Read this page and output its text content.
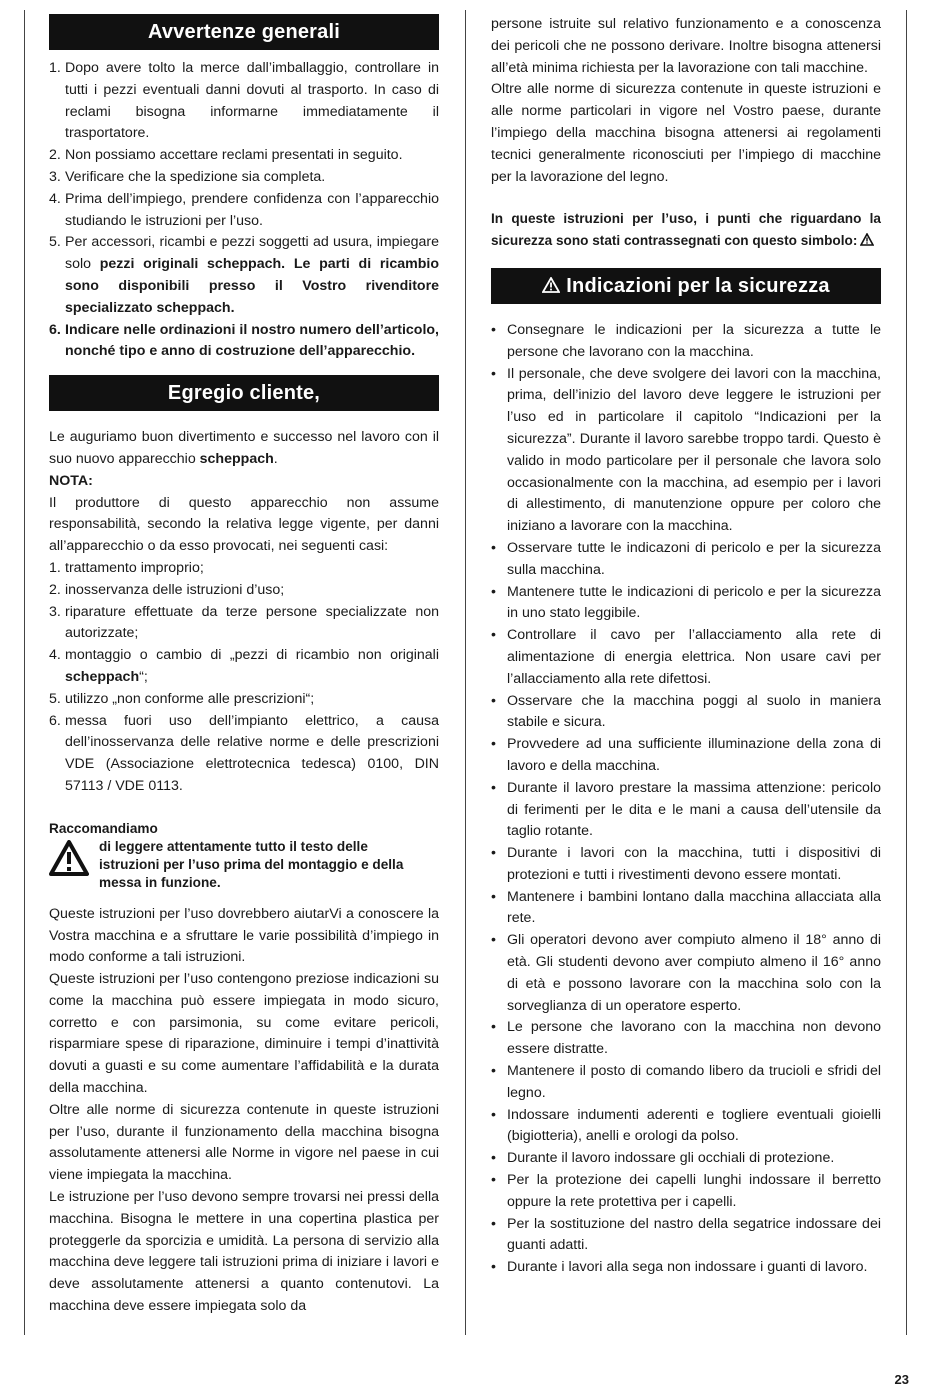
Avvertenze generali
1. Dopo avere tolto la merce dall’imballaggio, controllare in tutti i pezzi eventuali danni dovuti al trasporto. In caso di reclami bisogna informarne immediatamente il trasportatore.
2. Non possiamo accettare reclami presentati in seguito.
3. Verificare che la spedizione sia completa.
4. Prima dell’impiego, prendere confidenza con l’apparecchio studiando le istruzioni per l’uso.
5. Per accessori, ricambi e pezzi soggetti ad usura, impiegare solo pezzi originali scheppach. Le parti di ricambio sono disponibili presso il Vostro rivenditore specializzato scheppach.
6. Indicare nelle ordinazioni il nostro numero dell’articolo, nonché tipo e anno di costruzione dell’apparecchio.
Egregio cliente,

Le auguriamo buon divertimento e successo nel lavoro con il suo nuovo apparecchio scheppach.

NOTA:

Il produttore di questo apparecchio non assume responsabilità, secondo la relativa legge vigente, per danni all’apparecchio o da esso provocati, nei seguenti casi:

1. trattamento improprio;
2. inosservanza delle istruzioni d’uso;
3. riparature effettuate da terze persone specializzate non autorizzate;
4. montaggio o cambio di „pezzi di ricambio non originali scheppach“;
5. utilizzo „non conforme alle prescrizioni“;
6. messa fuori uso dell’impianto elettrico, a causa dell’inosservanza delle relative norme e delle prescrizioni VDE (Associazione elettrotecnica tedesca) 0100, DIN 57113 / VDE 0113.
Raccomandiamo
di leggere attentamente tutto il testo delle istruzioni per l’uso prima del montaggio e della messa in funzione.

Queste istruzioni per l’uso dovrebbero aiutarVi a conoscere la Vostra macchina e a sfruttare le varie possibilità d’impiego in modo conforme a tali istruzioni.

Queste istruzioni per l’uso contengono preziose indicazioni su come la macchina può essere impiegata in modo sicuro, corretto e con parsimonia, su come evitare pericoli, risparmiare spese di riparazione, diminuire i tempi d’inattività dovuti a guasti e su come aumentare l’affidabilità e la durata della macchina.

Oltre alle norme di sicurezza contenute in queste istruzioni per l’uso, durante il funzionamento della macchina bisogna assolutamente attenersi alle Norme in vigore nel paese in cui viene impiegata la macchina.

Le istruzione per l’uso devono sempre trovarsi nei pressi della macchina. Bisogna le mettere in una copertina plastica per proteggerle da sporcizia e umidità. La persona di servizio alla macchina deve leggere tali istruzioni prima di iniziare i lavori e deve assolutamente attenersi a quanto contenutovi. La macchina deve essere impiegata solo da

persone istruite sul relativo funzionamento e a conoscenza dei pericoli che ne possono derivare. Inoltre bisogna attenersi all’età minima richiesta per la lavorazione con tali macchine.

Oltre alle norme di sicurezza contenute in queste istruzioni e alle norme particolari in vigore nel Vostro paese, durante l’impiego della macchina bisogna attenersi ai regolamenti tecnici generalmente riconosciuti per l’impiego di macchine per la lavorazione del legno.

In queste istruzioni per l’uso, i punti che riguardano la sicurezza sono stati contrassegnati con questo simbolo:

Indicazioni per la sicurezza
• Consegnare le indicazioni per la sicurezza a tutte le persone che lavorano con la macchina.
• Il personale, che deve svolgere dei lavori con la macchina, prima, dell’inizio del lavoro deve leggere le istruzioni per l’uso ed in particolare il capitolo “Indicazioni per la sicurezza”. Durante il lavoro sarebbe troppo tardi. Questo è valido in modo particolare per il personale che lavora solo occasionalmente con la macchina, ad esempio per i lavori di allestimento, di manutenzione oppure per coloro che iniziano a lavorare con la macchina.
• Osservare tutte le indicazoni di pericolo e per la sicurezza sulla macchina.
• Mantenere tutte le indicazioni di pericolo e per la sicurezza in uno stato leggibile.
• Controllare il cavo per l’allacciamento alla rete di alimentazione di energia elettrica. Non usare cavi per l’allacciamento alla rete difettosi.
• Osservare che la macchina poggi al suolo in maniera stabile e sicura.
• Provvedere ad una sufficiente illuminazione della zona di lavoro e della macchina.
• Durante il lavoro prestare la massima attenzione: pericolo di ferimenti per le dita e le mani a causa dell’utensile da taglio rotante.
• Durante i lavori con la macchina, tutti i dispositivi di protezioni e tutti i rivestimenti devono essere montati.
• Mantenere i bambini lontano dalla macchina allacciata alla rete.
• Gli operatori devono aver compiuto almeno il 18° anno di età. Gli studenti devono aver compiuto almeno il 16° anno di età e possono lavorare con la macchina solo con la sorveglianza di un operatore esperto.
• Le persone che lavorano con la macchina non devono essere distratte.
• Mantenere il posto di comando libero da trucioli e sfridi del legno.
• Indossare indumenti aderenti e togliere eventuali gioielli (bigiotteria), anelli e orologi da polso.
• Durante il lavoro indossare gli occhiali di protezione.
• Per la protezione dei capelli lunghi indossare il berretto oppure la rete protettiva per i capelli.
• Per la sostituzione del nastro della segatrice indossare dei guanti adatti.
• Durante i lavori alla sega non indossare i guanti di lavoro.
23
